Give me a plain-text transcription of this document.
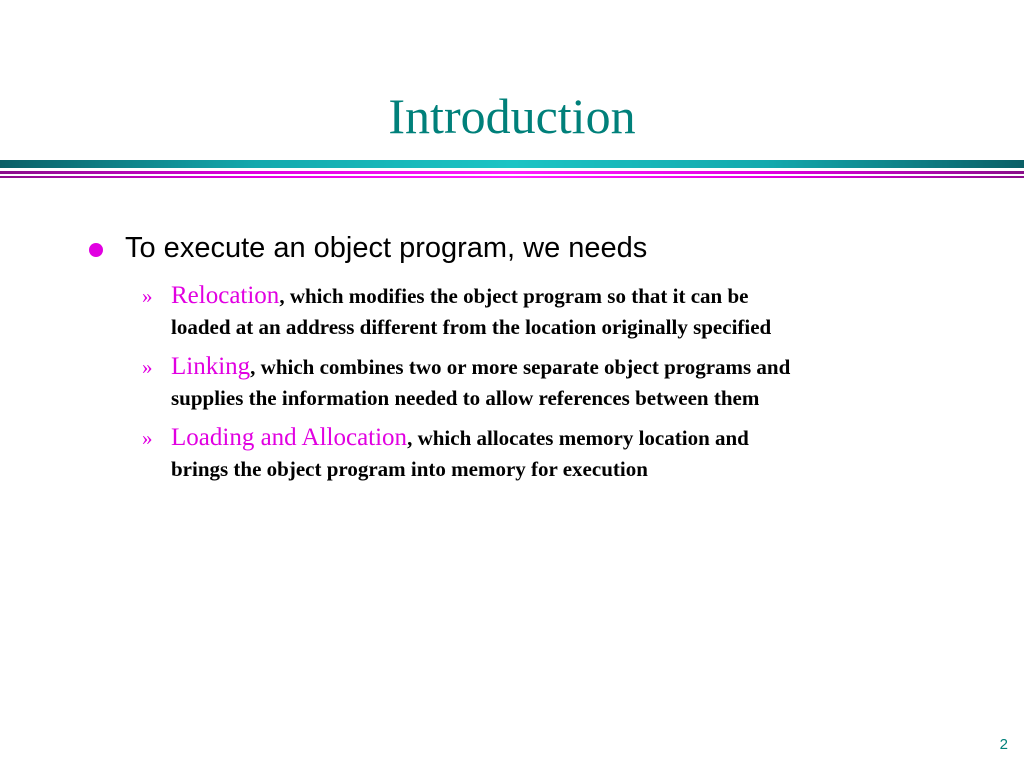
Introduction
To execute an object program, we needs
» Relocation, which modifies the object program so that it can be
loaded at an address different from the location originally specified
» Linking, which combines two or more separate object programs and
supplies the information needed to allow references between them
» Loading and Allocation, which allocates memory location and
brings the object program into memory for execution
2
